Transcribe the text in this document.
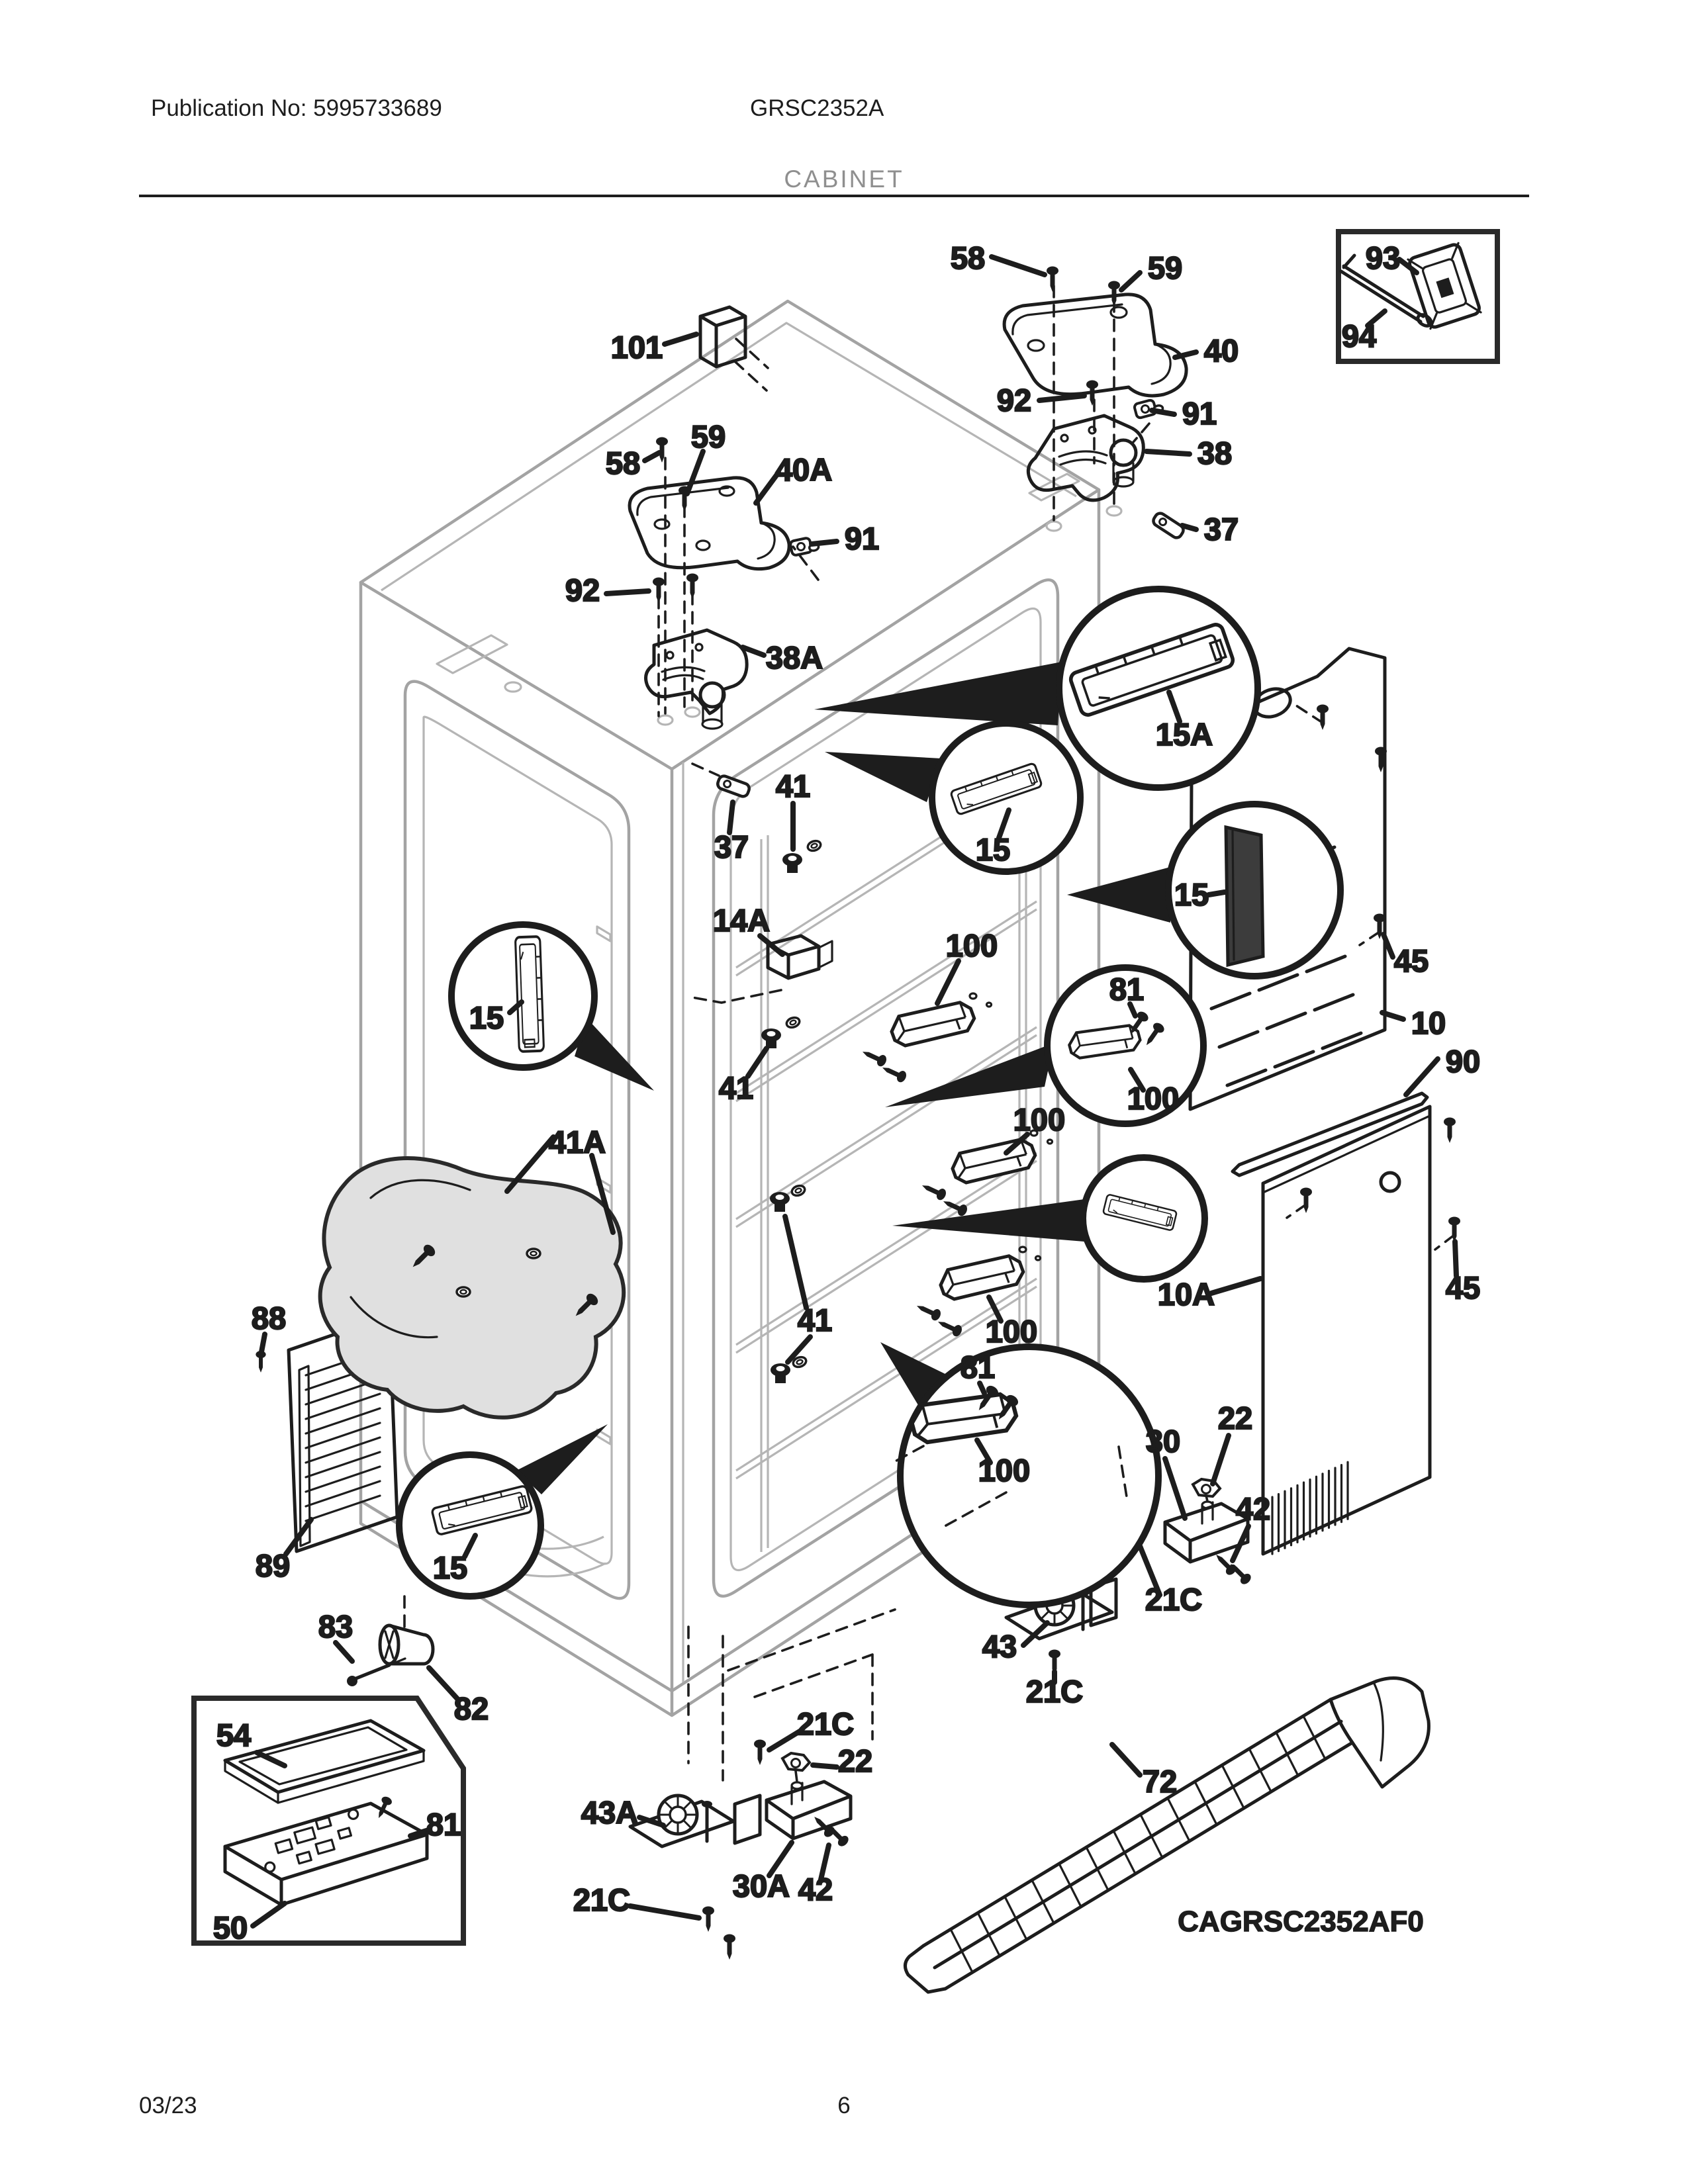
Publication No: 5995733689	GRSC2352A
CABINET
101
58	59
40
92	91
38
37
93
94
58
59
40A
91
92
38A
37
41
14A
15A
15
15
100
81
100
45
10
15
41
100
90
41A
88
10A	45
15
100
41
89
81
100
83
82
54
81
50
21C
22
43A
30A 42
21C
30
22
42
21C
43
21C
72
CAGRSC2352AF0
03/23	6
